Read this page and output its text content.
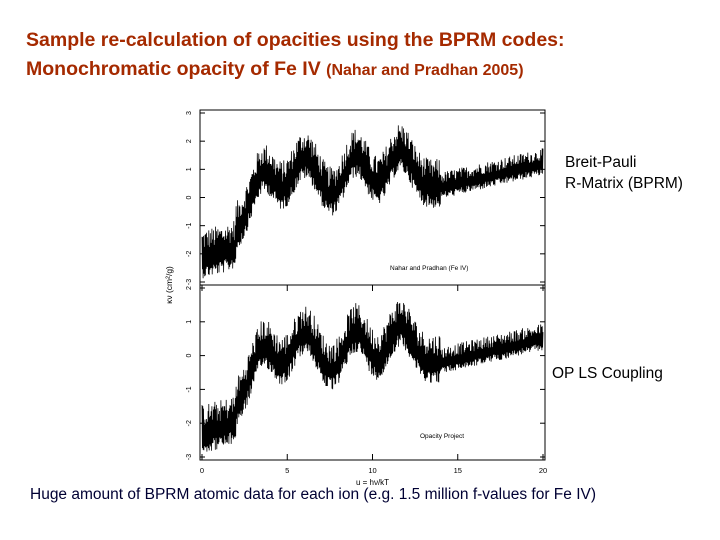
Sample re-calculation of opacities using the BPRM codes:
Monochromatic opacity of Fe IV (Nahar and Pradhan 2005)
0	5	10	15	20
u = hν/kT
κν (cm²/g) -3
-2
-1
0
1
2
3
Nahar and Pradhan (Fe IV)
-3
-2
-1
0
1
2
Opacity Project
Breit-Pauli
R-Matrix (BPRM)
OP LS Coupling

Huge amount of BPRM atomic data for each ion (e.g. 1.5 million f-values for Fe IV)
